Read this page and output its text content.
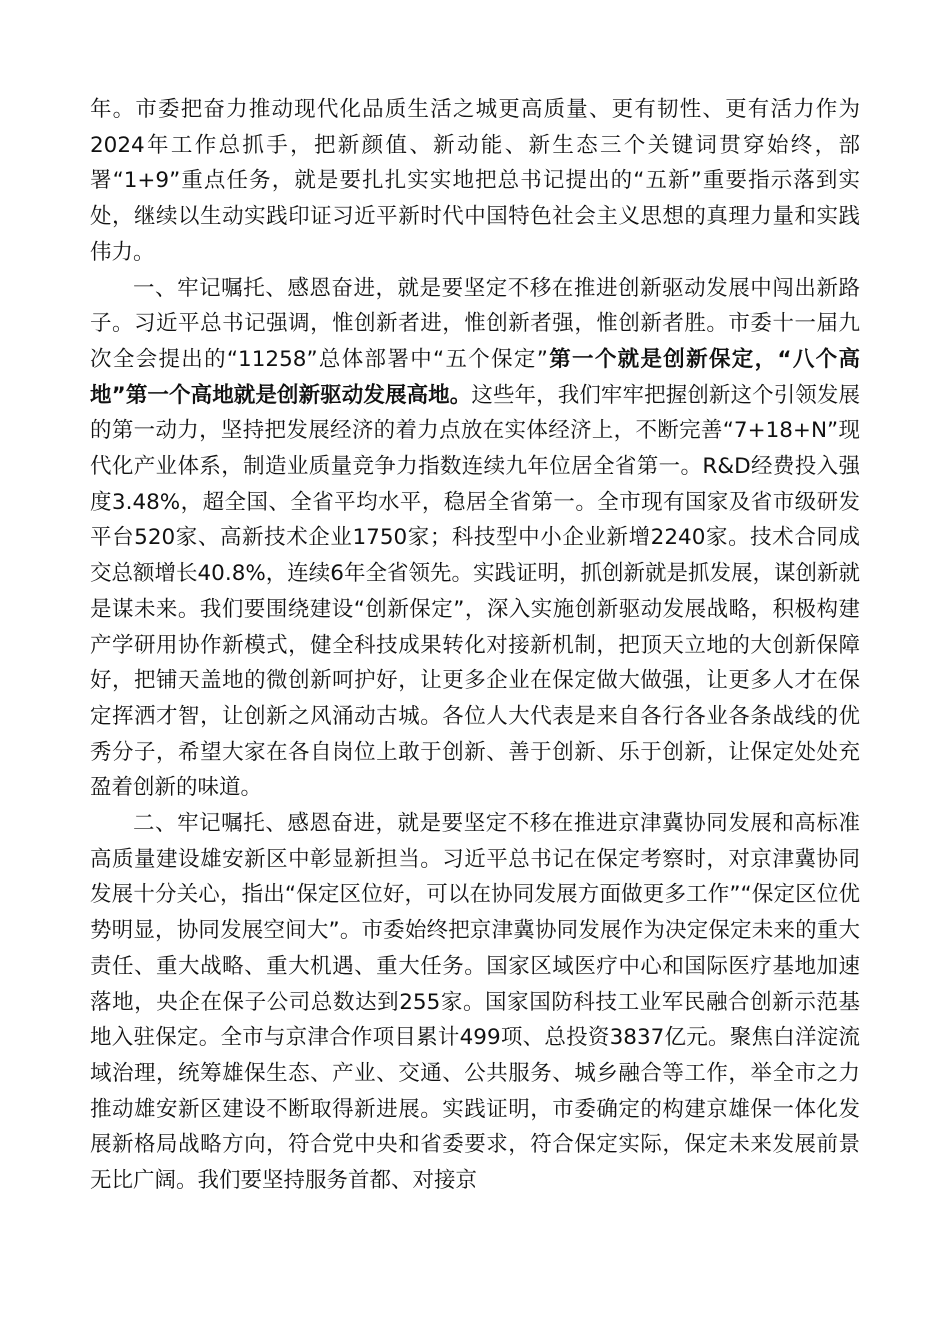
年。市委把奋力推动现代化品质生活之城更高质量、更有韧性、更有活力作为2024年工作总抓手，把新颜值、新动能、新生态三个关键词贯穿始终，部署“1+9”重点任务，就是要扎扎实实地把总书记提出的“五新”重要指示落到实处，继续以生动实践印证习近平新时代中国特色社会主义思想的真理力量和实践伟力。

一、牢记嘱托、感恩奋进，就是要坚定不移在推进创新驱动发展中闯出新路子。习近平总书记强调，惟创新者进，惟创新者强，惟创新者胜。市委十一届九次全会提出的“11258”总体部署中“五个保定”第一个就是创新保定，“八个高地”第一个高地就是创新驱动发展高地。这些年，我们牢牢把握创新这个引领发展的第一动力，坚持把发展经济的着力点放在实体经济上，不断完善“7+18+N”现代化产业体系，制造业质量竞争力指数连续九年位居全省第一。R&D经费投入强度3.48%，超全国、全省平均水平，稳居全省第一。全市现有国家及省市级研发平台520家、高新技术企业1750家；科技型中小企业新增2240家。技术合同成交总额增长40.8%，连续6年全省领先。实践证明，抓创新就是抓发展，谋创新就是谋未来。我们要围绕建设“创新保定”，深入实施创新驱动发展战略，积极构建产学研用协作新模式，健全科技成果转化对接新机制，把顶天立地的大创新保障好，把铺天盖地的微创新呵护好，让更多企业在保定做大做强，让更多人才在保定挥洒才智，让创新之风涌动古城。各位人大代表是来自各行各业各条战线的优秀分子，希望大家在各自岗位上敢于创新、善于创新、乐于创新，让保定处处充盈着创新的味道。

二、牢记嘱托、感恩奋进，就是要坚定不移在推进京津冀协同发展和高标准高质量建设雄安新区中彰显新担当。习近平总书记在保定考察时，对京津冀协同发展十分关心，指出“保定区位好，可以在协同发展方面做更多工作”“保定区位优势明显，协同发展空间大”。市委始终把京津冀协同发展作为决定保定未来的重大责任、重大战略、重大机遇、重大任务。国家区域医疗中心和国际医疗基地加速落地，央企在保子公司总数达到255家。国家国防科技工业军民融合创新示范基地入驻保定。全市与京津合作项目累计499项、总投资3837亿元。聚焦白洋淀流域治理，统筹雄保生态、产业、交通、公共服务、城乡融合等工作，举全市之力推动雄安新区建设不断取得新进展。实践证明，市委确定的构建京雄保一体化发展新格局战略方向，符合党中央和省委要求，符合保定实际，保定未来发展前景无比广阔。我们要坚持服务首都、对接京
